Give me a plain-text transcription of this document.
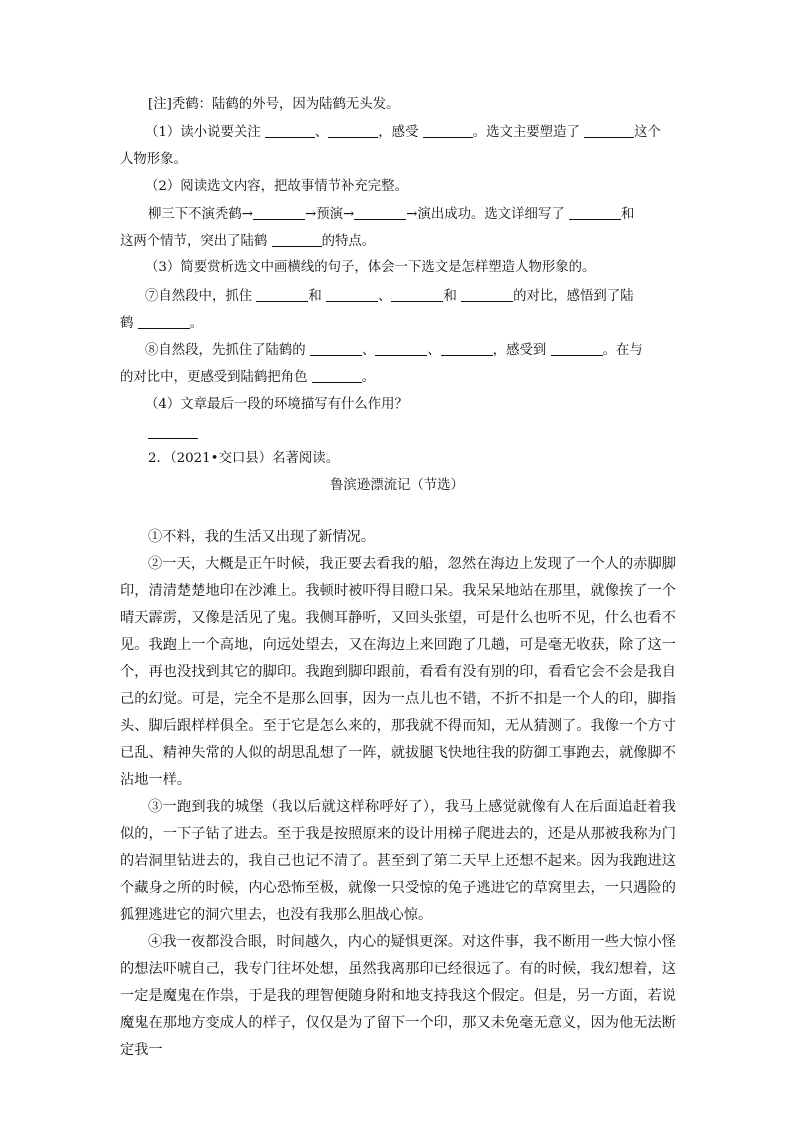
[注]秃鹤：陆鹤的外号，因为陆鹤无头发。
（1）读小说要关注	、	，感受	。选文主要塑造了	这个
人物形象。
（2）阅读选文内容，把故事情节补充完整。
柳三下不演秃鹤→	→预演→	→演出成功。选文详细写了	和
这两个情节，突出了陆鹤	的特点。
（3）简要赏析选文中画横线的句子，体会一下选文是怎样塑造人物形象的。
⑦自然段中，抓住	和	、	和	的对比，感悟到了陆
鹤	。
⑧自然段，先抓住了陆鹤的	、	、	，感受到	。在与
的对比中，更感受到陆鹤把角色	。
（4）文章最后一段的环境描写有什么作用？
2．（2021•交口县）名著阅读。
鲁滨逊漂流记（节选）

①不料，我的生活又出现了新情况。

②一天，大概是正午时候，我正要去看我的船，忽然在海边上发现了一个人的赤脚脚印，清清楚楚地印在沙滩上。我顿时被吓得目瞪口呆。我呆呆地站在那里，就像挨了一个晴天霹雳，又像是活见了鬼。我侧耳静听，又回头张望，可是什么也听不见，什么也看不见。我跑上一个高地，向远处望去，又在海边上来回跑了几趟，可是毫无收获，除了这一个，再也没找到其它的脚印。我跑到脚印跟前，看看有没有别的印，看看它会不会是我自己的幻觉。可是，完全不是那么回事，因为一点儿也不错，不折不扣是一个人的印，脚指头、脚后跟样样俱全。至于它是怎么来的，那我就不得而知，无从猜测了。我像一个方寸已乱、精神失常的人似的胡思乱想了一阵，就拔腿飞快地往我的防御工事跑去，就像脚不沾地一样。

③一跑到我的城堡（我以后就这样称呼好了），我马上感觉就像有人在后面追赶着我似的，一下子钻了进去。至于我是按照原来的设计用梯子爬进去的，还是从那被我称为门的岩洞里钻进去的，我自己也记不清了。甚至到了第二天早上还想不起来。因为我跑进这个藏身之所的时候，内心恐怖至极，就像一只受惊的兔子逃进它的草窝里去，一只遇险的狐狸逃进它的洞穴里去，也没有我那么胆战心惊。

④我一夜都没合眼，时间越久，内心的疑惧更深。对这件事，我不断用一些大惊小怪的想法吓唬自己，我专门往坏处想，虽然我离那印已经很远了。有的时候，我幻想着，这一定是魔鬼在作祟，于是我的理智便随身附和地支持我这个假定。但是，另一方面，若说魔鬼在那地方变成人的样子，仅仅是为了留下一个印，那又未免毫无意义，因为他无法断定我一
